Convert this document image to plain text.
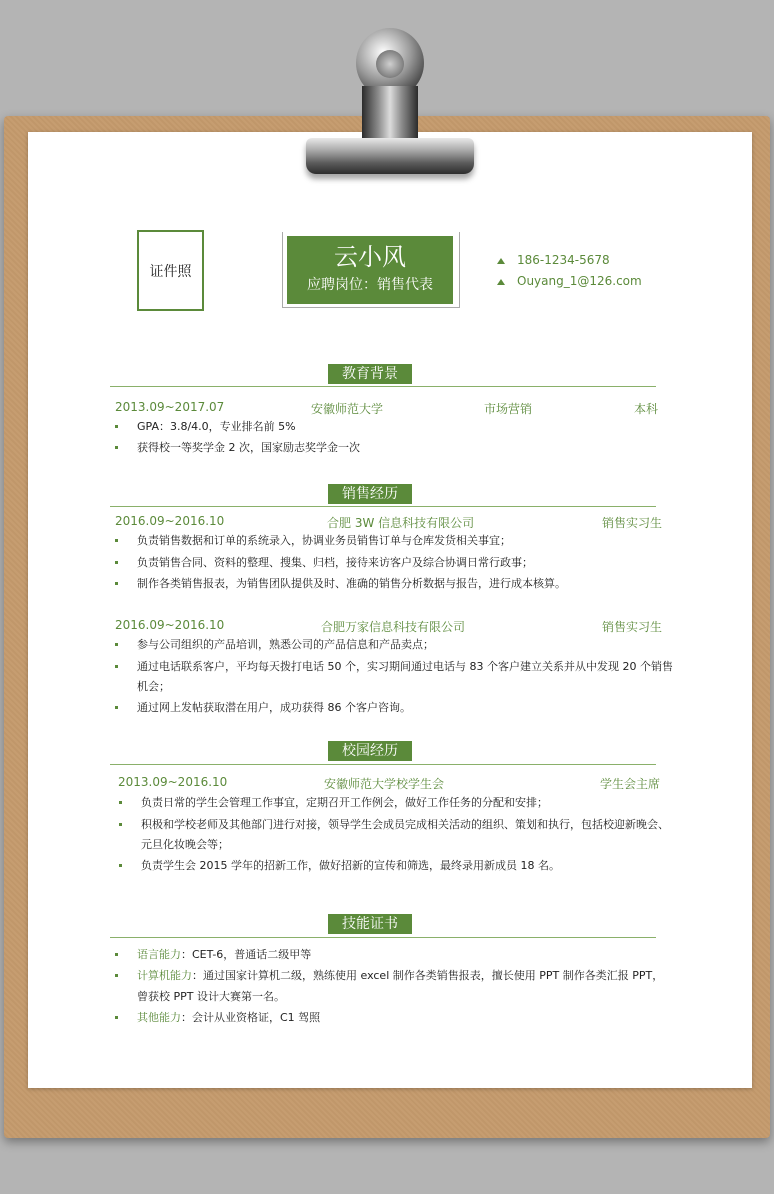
证件照
云小风
应聘岗位：销售代表
186-1234-5678
Ouyang_1@126.com
教育背景
2013.09~2017.07	安徽师范大学	市场营销	本科
GPA：3.8/4.0，专业排名前 5%
获得校一等奖学金 2 次，国家励志奖学金一次
销售经历
2016.09~2016.10	合肥 3W 信息科技有限公司	销售实习生
负责销售数据和订单的系统录入，协调业务员销售订单与仓库发货相关事宜；
负责销售合同、资料的整理、搜集、归档，接待来访客户及综合协调日常行政事；
制作各类销售报表，为销售团队提供及时、准确的销售分析数据与报告，进行成本核算。
2016.09~2016.10	合肥万家信息科技有限公司	销售实习生
参与公司组织的产品培训，熟悉公司的产品信息和产品卖点；
通过电话联系客户，平均每天拨打电话 50 个，实习期间通过电话与 83 个客户建立关系并从中发现 20 个销售
机会；
通过网上发帖获取潜在用户，成功获得 86 个客户咨询。
校园经历
2013.09~2016.10	安徽师范大学校学生会	学生会主席
负责日常的学生会管理工作事宜，定期召开工作例会，做好工作任务的分配和安排；
积极和学校老师及其他部门进行对接，领导学生会成员完成相关活动的组织、策划和执行，包括校迎新晚会、
元旦化妆晚会等；
负责学生会 2015 学年的招新工作，做好招新的宣传和筛选，最终录用新成员 18 名。
技能证书
语言能力：CET-6，普通话二级甲等
计算机能力：通过国家计算机二级，熟练使用 excel 制作各类销售报表，擅长使用 PPT 制作各类汇报 PPT，
曾获校 PPT 设计大赛第一名。
其他能力：会计从业资格证，C1 驾照
